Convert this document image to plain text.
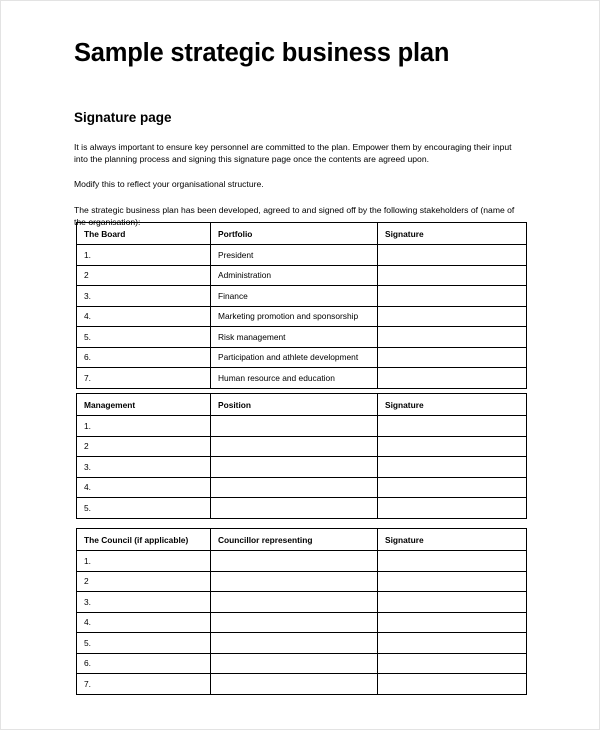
Sample strategic business plan
Signature page

It is always important to ensure key personnel are committed to the plan. Empower them by encouraging their input into the planning process and signing this signature page once the contents are agreed upon.

Modify this to reflect your organisational structure.

The strategic business plan has been developed, agreed to and signed off by the following stakeholders of (name of the organisation):

The Board	Portfolio	Signature
1.	President	
2	Administration	
3.	Finance	
4.	Marketing promotion and sponsorship	
5.	Risk management	
6.	Participation and athlete development	
7.	Human resource and education	
Management	Position	Signature
1.		
2		
3.		
4.		
5.		
The Council (if applicable)	Councillor representing	Signature
1.		
2		
3.		
4.		
5.		
6.		
7.		
